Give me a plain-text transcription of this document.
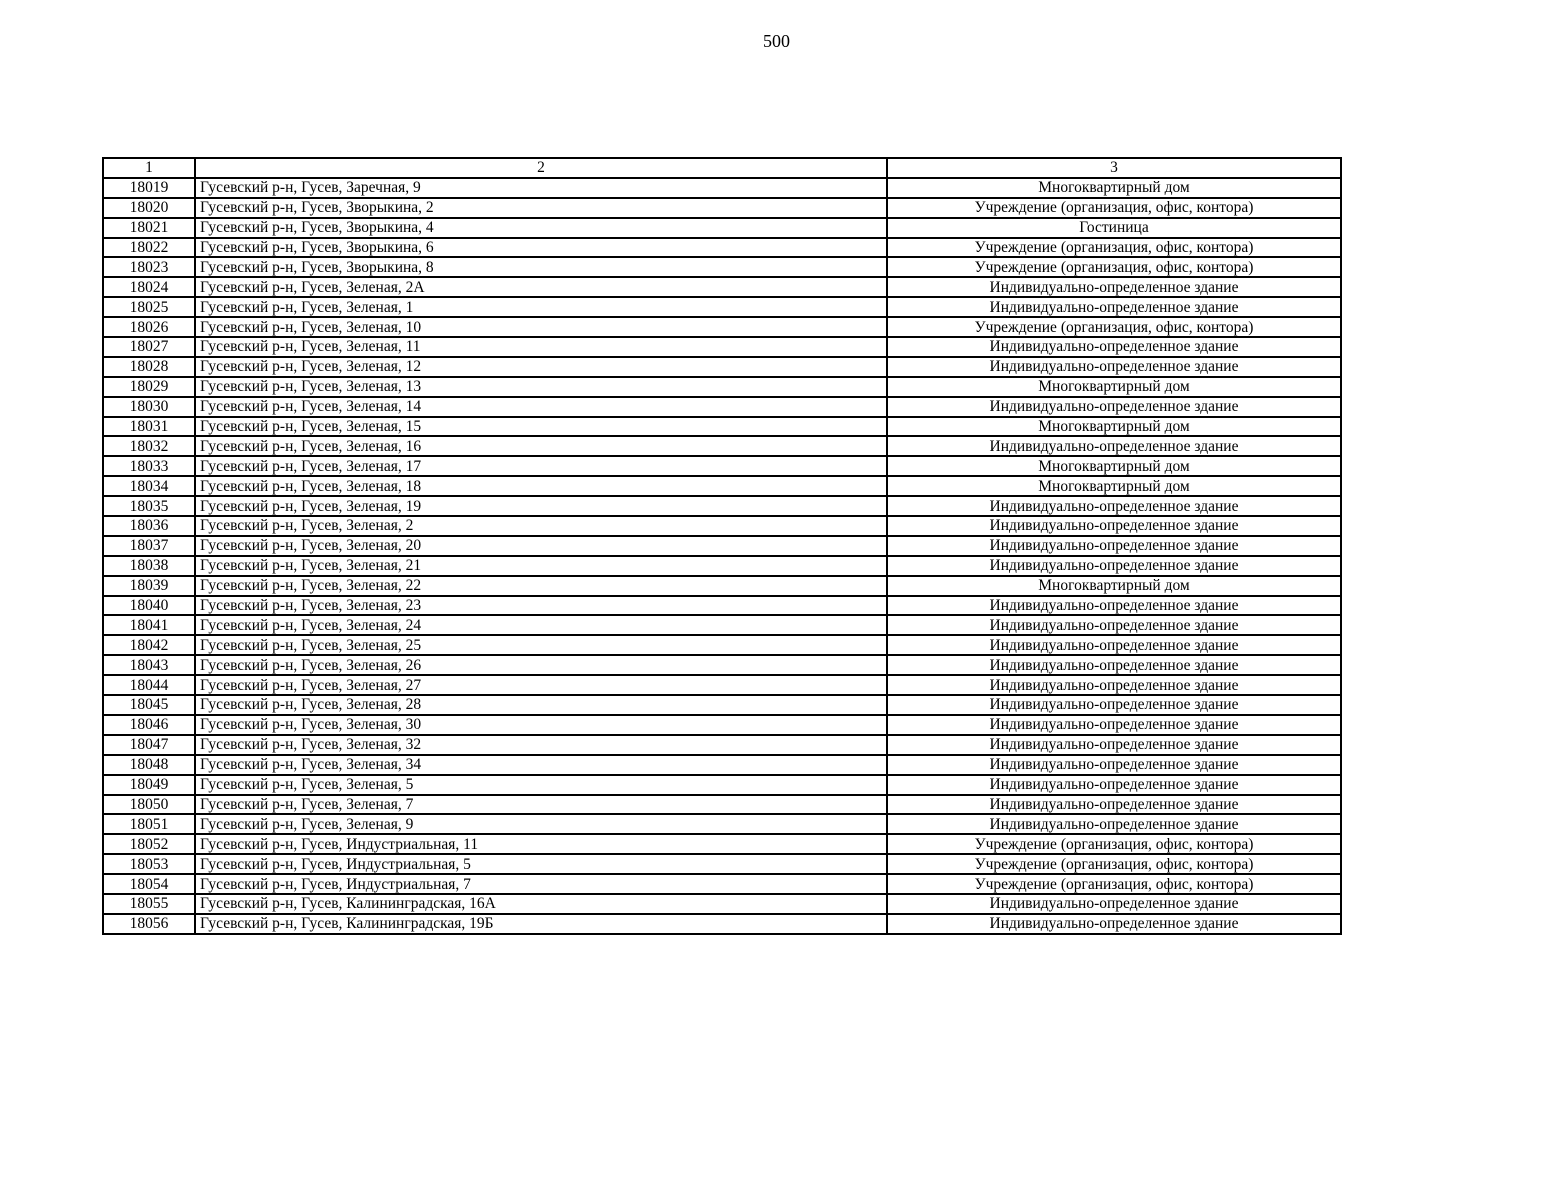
500
1	2	3
18019	Гусевский р-н, Гусев, Заречная, 9	Многоквартирный дом
18020	Гусевский р-н, Гусев, Зворыкина, 2	Учреждение (организация, офис, контора)
18021	Гусевский р-н, Гусев, Зворыкина, 4	Гостиница
18022	Гусевский р-н, Гусев, Зворыкина, 6	Учреждение (организация, офис, контора)
18023	Гусевский р-н, Гусев, Зворыкина, 8	Учреждение (организация, офис, контора)
18024	Гусевский р-н, Гусев, Зеленая, 2А	Индивидуально-определенное здание
18025	Гусевский р-н, Гусев, Зеленая, 1	Индивидуально-определенное здание
18026	Гусевский р-н, Гусев, Зеленая, 10	Учреждение (организация, офис, контора)
18027	Гусевский р-н, Гусев, Зеленая, 11	Индивидуально-определенное здание
18028	Гусевский р-н, Гусев, Зеленая, 12	Индивидуально-определенное здание
18029	Гусевский р-н, Гусев, Зеленая, 13	Многоквартирный дом
18030	Гусевский р-н, Гусев, Зеленая, 14	Индивидуально-определенное здание
18031	Гусевский р-н, Гусев, Зеленая, 15	Многоквартирный дом
18032	Гусевский р-н, Гусев, Зеленая, 16	Индивидуально-определенное здание
18033	Гусевский р-н, Гусев, Зеленая, 17	Многоквартирный дом
18034	Гусевский р-н, Гусев, Зеленая, 18	Многоквартирный дом
18035	Гусевский р-н, Гусев, Зеленая, 19	Индивидуально-определенное здание
18036	Гусевский р-н, Гусев, Зеленая, 2	Индивидуально-определенное здание
18037	Гусевский р-н, Гусев, Зеленая, 20	Индивидуально-определенное здание
18038	Гусевский р-н, Гусев, Зеленая, 21	Индивидуально-определенное здание
18039	Гусевский р-н, Гусев, Зеленая, 22	Многоквартирный дом
18040	Гусевский р-н, Гусев, Зеленая, 23	Индивидуально-определенное здание
18041	Гусевский р-н, Гусев, Зеленая, 24	Индивидуально-определенное здание
18042	Гусевский р-н, Гусев, Зеленая, 25	Индивидуально-определенное здание
18043	Гусевский р-н, Гусев, Зеленая, 26	Индивидуально-определенное здание
18044	Гусевский р-н, Гусев, Зеленая, 27	Индивидуально-определенное здание
18045	Гусевский р-н, Гусев, Зеленая, 28	Индивидуально-определенное здание
18046	Гусевский р-н, Гусев, Зеленая, 30	Индивидуально-определенное здание
18047	Гусевский р-н, Гусев, Зеленая, 32	Индивидуально-определенное здание
18048	Гусевский р-н, Гусев, Зеленая, 34	Индивидуально-определенное здание
18049	Гусевский р-н, Гусев, Зеленая, 5	Индивидуально-определенное здание
18050	Гусевский р-н, Гусев, Зеленая, 7	Индивидуально-определенное здание
18051	Гусевский р-н, Гусев, Зеленая, 9	Индивидуально-определенное здание
18052	Гусевский р-н, Гусев, Индустриальная, 11	Учреждение (организация, офис, контора)
18053	Гусевский р-н, Гусев, Индустриальная, 5	Учреждение (организация, офис, контора)
18054	Гусевский р-н, Гусев, Индустриальная, 7	Учреждение (организация, офис, контора)
18055	Гусевский р-н, Гусев, Калининградская, 16А	Индивидуально-определенное здание
18056	Гусевский р-н, Гусев, Калининградская, 19Б	Индивидуально-определенное здание
